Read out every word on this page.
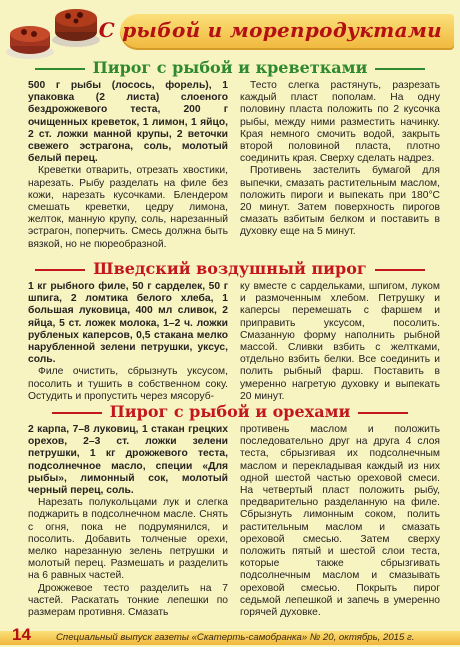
С рыбой и морепродуктами
Пирог с рыбой и креветками

500 г рыбы (лосось, форель), 1 упаковка (2 листа) слоеного бездрожжевого теста, 200 г очищенных креветок, 1 лимон, 1 яйцо, 2 ст. ложки манной крупы, 2 веточки свежего эстрагона, соль, молотый белый перец.

Креветки отварить, отрезать хвостики, нарезать. Рыбу разделать на филе без кожи, нарезать кусочками. Блендером смешать креветки, цедру лимона, желток, манную крупу, соль, нарезанный эстрагон, поперчить. Смесь должна быть вязкой, но не пюреобразной.

Тесто слегка растянуть, разрезать каждый пласт пополам. На одну половину пласта положить по 2 кусочка рыбы, между ними разместить начинку. Края немного смочить водой, закрыть второй половиной пласта, плотно соединить края. Сверху сделать надрез.

Противень застелить бумагой для выпечки, смазать растительным маслом, положить пироги и выпекать при 180°С 20 минут. Затем поверхность пирогов смазать взбитым белком и поставить в духовку еще на 5 минут.

Шведский воздушный пирог

1 кг рыбного филе, 50 г сарделек, 50 г шпига, 2 ломтика белого хлеба, 1 большая луковица, 400 мл сливок, 2 яйца, 5 ст. ложек молока, 1–2 ч. ложки рубленых каперсов, 0,5 стакана мелко нарубленной зелени петрушки, уксус, соль.

Филе очистить, сбрызнуть уксусом, посолить и тушить в собственном соку. Остудить и пропустить через мясоруб-

ку вместе с сардельками, шпигом, луком и размоченным хлебом. Петрушку и каперсы перемешать с фаршем и приправить уксусом, посолить. Смазанную форму наполнить рыбной массой. Сливки взбить с желтками, отдельно взбить белки. Все соединить и полить рыбный фарш. Поставить в умеренно нагретую духовку и выпекать 20 минут.

Пирог с рыбой и орехами

2 карпа, 7–8 луковиц, 1 стакан грецких орехов, 2–3 ст. ложки зелени петрушки, 1 кг дрожжевого теста, подсолнечное масло, специи «Для рыбы», лимонный сок, молотый черный перец, соль.

Нарезать полукольцами лук и слегка поджарить в подсолнечном масле. Снять с огня, пока не подрумянился, и посолить. Добавить толченые орехи, мелко нарезанную зелень петрушки и молотый перец. Размешать и разделить на 6 равных частей.

Дрожжевое тесто разделить на 7 частей. Раскатать тонкие лепешки по размерам противня. Смазать

противень маслом и положить последовательно друг на друга 4 слоя теста, сбрызгивая их подсолнечным маслом и перекладывая каждый из них одной шестой частью ореховой смеси. На четвертый пласт положить рыбу, предварительно разделанную на филе. Сбрызнуть лимонным соком, полить растительным маслом и смазать ореховой смесью. Затем сверху положить пятый и шестой слои теста, которые также сбрызгивать подсолнечным маслом и смазывать ореховой смесью. Покрыть пирог седьмой лепешкой и запечь в умеренно горячей духовке.

14	Специальный выпуск газеты «Скатерть-самобранка» № 20, октябрь, 2015 г.
